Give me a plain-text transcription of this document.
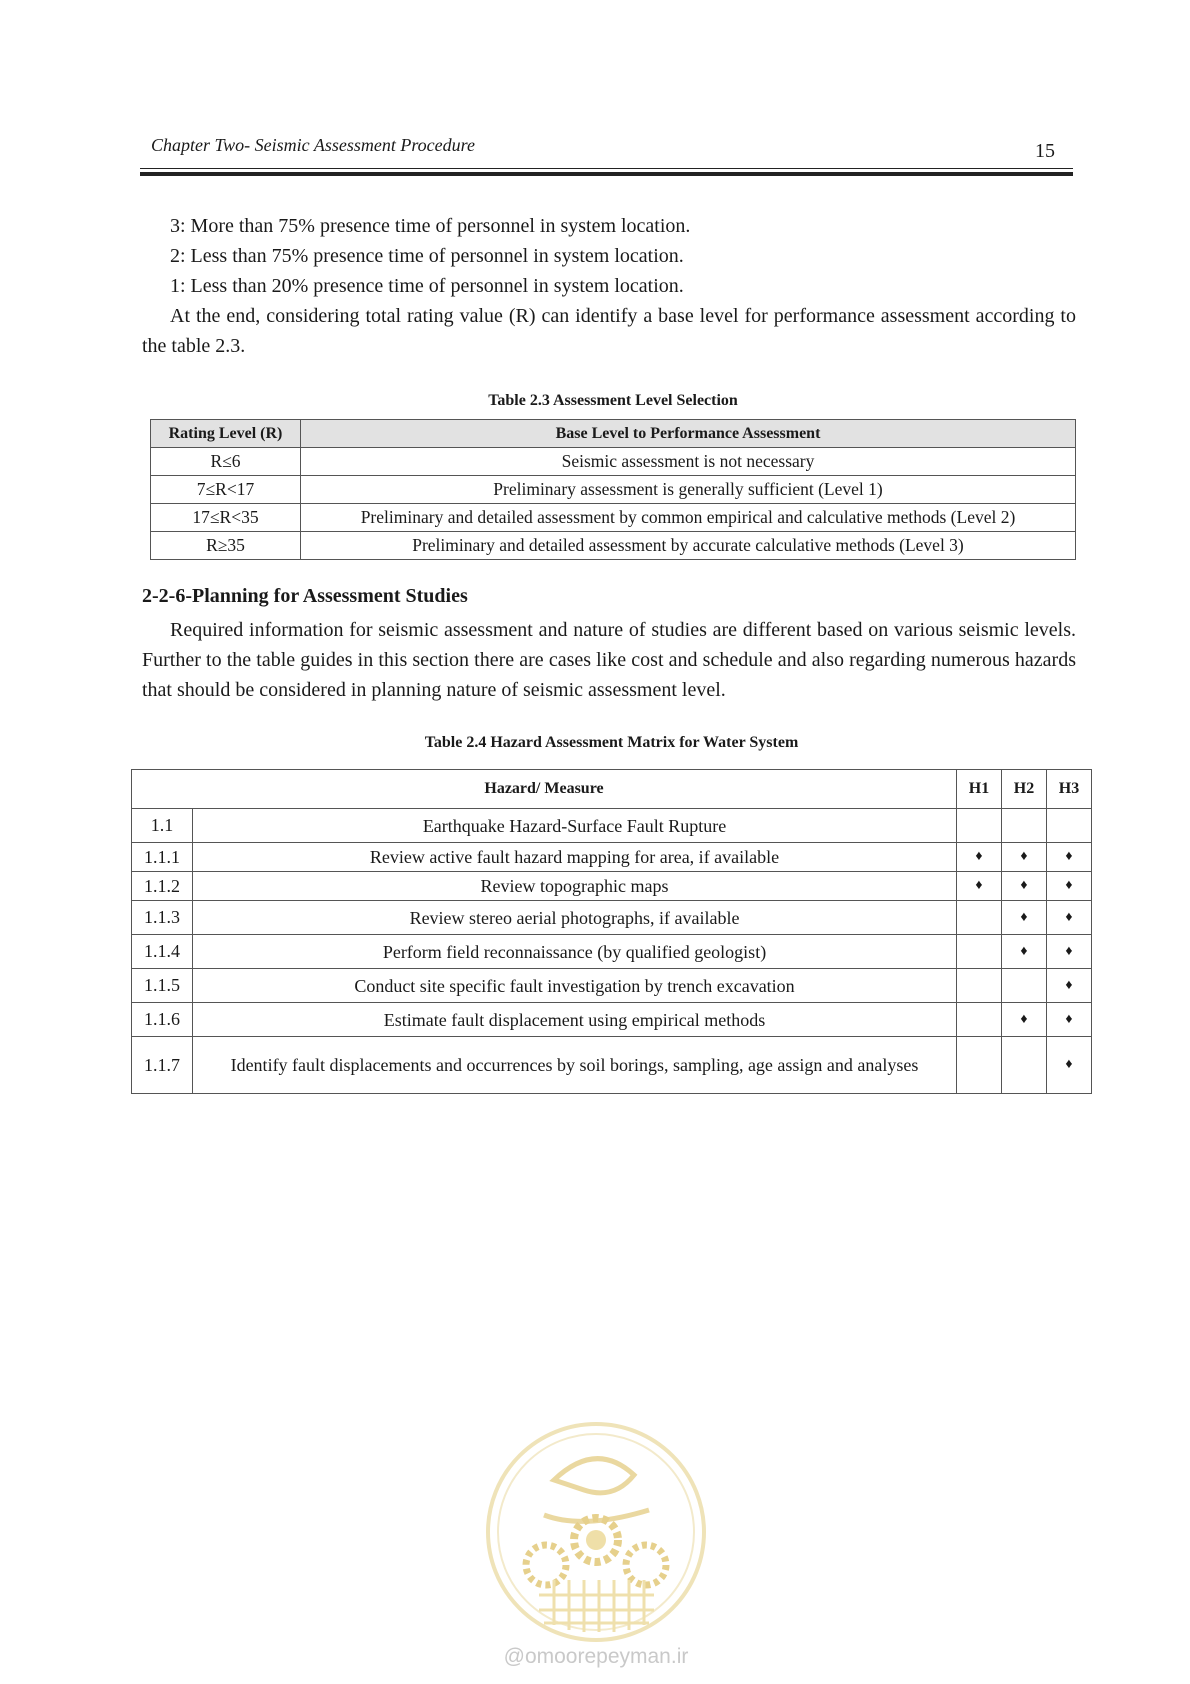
Chapter Two- Seismic Assessment Procedure	15

3: More than 75% presence time of personnel in system location.

2: Less than 75% presence time of personnel in system location.

1: Less than 20% presence time of personnel in system location.

At the end, considering total rating value (R) can identify a base level for performance assessment according to the table 2.3.

Table 2.3 Assessment Level Selection
Rating Level (R)	Base Level to Performance Assessment
R≤6	Seismic assessment is not necessary
7≤R<17	Preliminary assessment is generally sufficient (Level 1)
17≤R<35	Preliminary and detailed assessment by common empirical and calculative methods (Level 2)
R≥35	Preliminary and detailed assessment by accurate calculative methods (Level 3)
2-2-6-Planning for Assessment Studies

Required information for seismic assessment and nature of studies are different based on various seismic levels. Further to the table guides in this section there are cases like cost and schedule and also regarding numerous hazards that should be considered in planning nature of seismic assessment level.

Table 2.4 Hazard Assessment Matrix for Water System
Hazard/ Measure		H1	H2	H3
1.1	Earthquake Hazard-Surface Fault Rupture			
1.1.1	Review active fault hazard mapping for area, if available	♦	♦	♦
1.1.2	Review topographic maps	♦	♦	♦
1.1.3	Review stereo aerial photographs, if available		♦	♦
1.1.4	Perform field reconnaissance (by qualified geologist)		♦	♦
1.1.5	Conduct site specific fault investigation by trench excavation			♦
1.1.6	Estimate fault displacement using empirical methods		♦	♦
1.1.7	Identify fault displacements and occurrences by soil borings, sampling, age assign and analyses			♦
@omoorepeyman.ir
